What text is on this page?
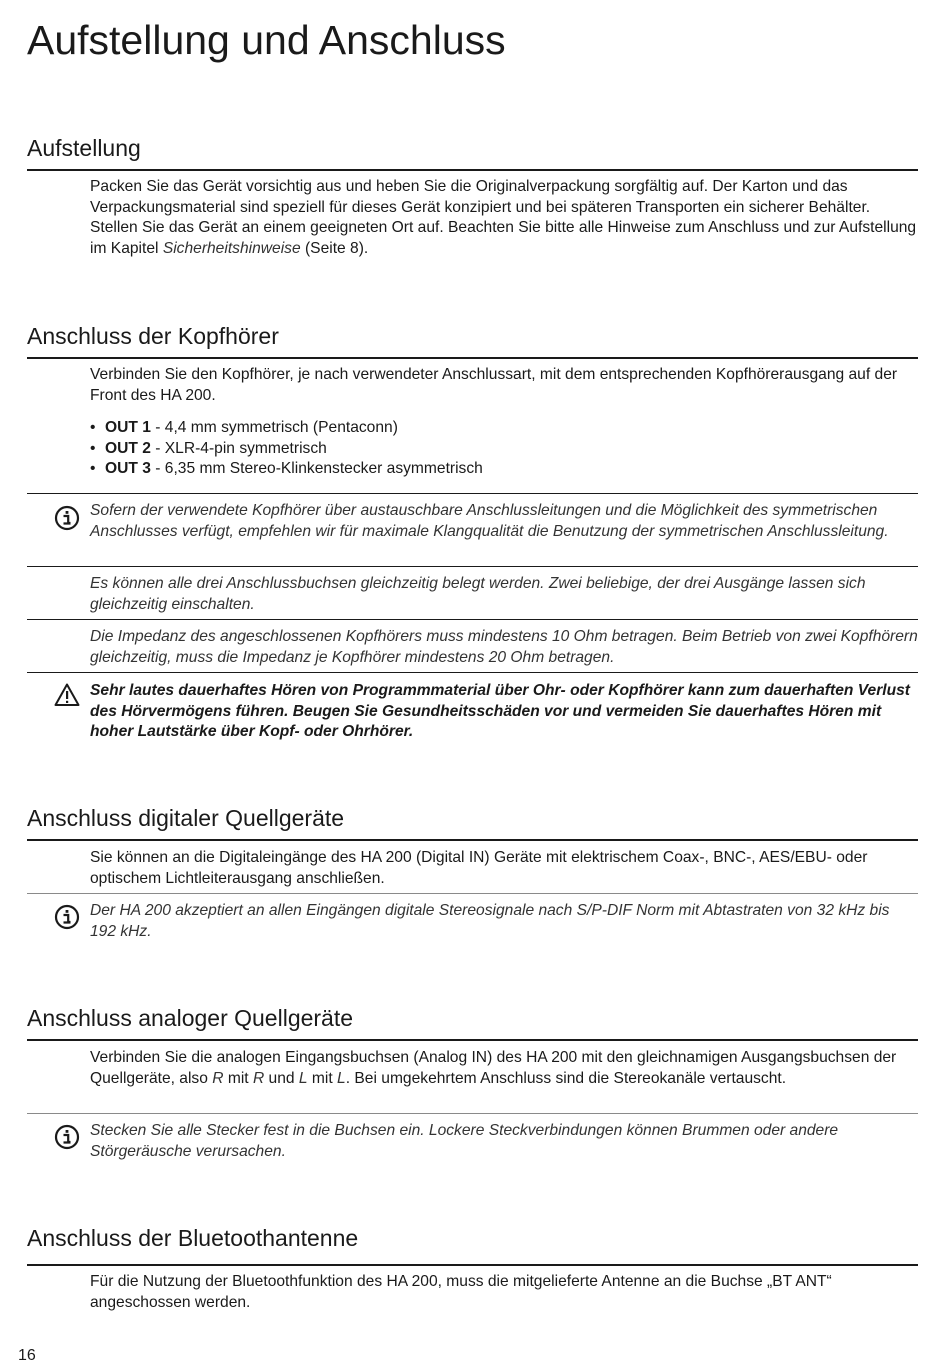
Aufstellung und Anschluss
Aufstellung

Packen Sie das Gerät vorsichtig aus und heben Sie die Originalverpackung sorgfältig auf. Der Karton und das Verpackungsmaterial sind speziell für dieses Gerät konzipiert und bei späteren Transporten ein sicherer Behälter. Stellen Sie das Gerät an einem geeigneten Ort auf. Beachten Sie bitte alle Hinweise zum Anschluss und zur Aufstellung im Kapitel Sicherheitshinweise (Seite 8).

Anschluss der Kopfhörer

Verbinden Sie den Kopfhörer, je nach verwendeter Anschlussart, mit dem entsprechenden Kopfhörerausgang auf der Front des HA 200.

• OUT 1 - 4,4 mm symmetrisch (Pentaconn)
• OUT 2 - XLR-4-pin symmetrisch
• OUT 3 - 6,35 mm Stereo-Klinkenstecker asymmetrisch

Sofern der verwendete Kopfhörer über austauschbare Anschlussleitungen und die Möglichkeit des symmetrischen Anschlusses verfügt, empfehlen wir für maximale Klangqualität die Benutzung der symmetrischen Anschlussleitung.

Es können alle drei Anschlussbuchsen gleichzeitig belegt werden. Zwei beliebige, der drei Ausgänge lassen sich gleichzeitig einschalten.

Die Impedanz des angeschlossenen Kopfhörers muss mindestens 10 Ohm betragen. Beim Betrieb von zwei Kopfhörern gleichzeitig, muss die Impedanz je Kopfhörer mindestens 20 Ohm betragen.

Sehr lautes dauerhaftes Hören von Programmmaterial über Ohr- oder Kopfhörer kann zum dauerhaften Verlust des Hörvermögens führen. Beugen Sie Gesundheitsschäden vor und vermeiden Sie dauerhaftes Hören mit hoher Lautstärke über Kopf- oder Ohrhörer.

Anschluss digitaler Quellgeräte

Sie können an die Digitaleingänge des HA 200 (Digital IN) Geräte mit elektrischem Coax-, BNC-, AES/EBU- oder optischem Lichtleiterausgang anschließen.

Der HA 200 akzeptiert an allen Eingängen digitale Stereosignale nach S/P-DIF Norm mit Abtastraten von 32 kHz bis 192 kHz.

Anschluss analoger Quellgeräte

Verbinden Sie die analogen Eingangsbuchsen (Analog IN) des HA 200 mit den gleichnamigen Ausgangsbuchsen der Quellgeräte, also R mit R und L mit L. Bei umgekehrtem Anschluss sind die Stereokanäle vertauscht.

Stecken Sie alle Stecker fest in die Buchsen ein. Lockere Steckverbindungen können Brummen oder andere Störgeräusche verursachen.

Anschluss der Bluetoothantenne

Für die Nutzung der Bluetoothfunktion des HA 200, muss die mitgelieferte Antenne an die Buchse „BT ANT“ angeschossen werden.

16
